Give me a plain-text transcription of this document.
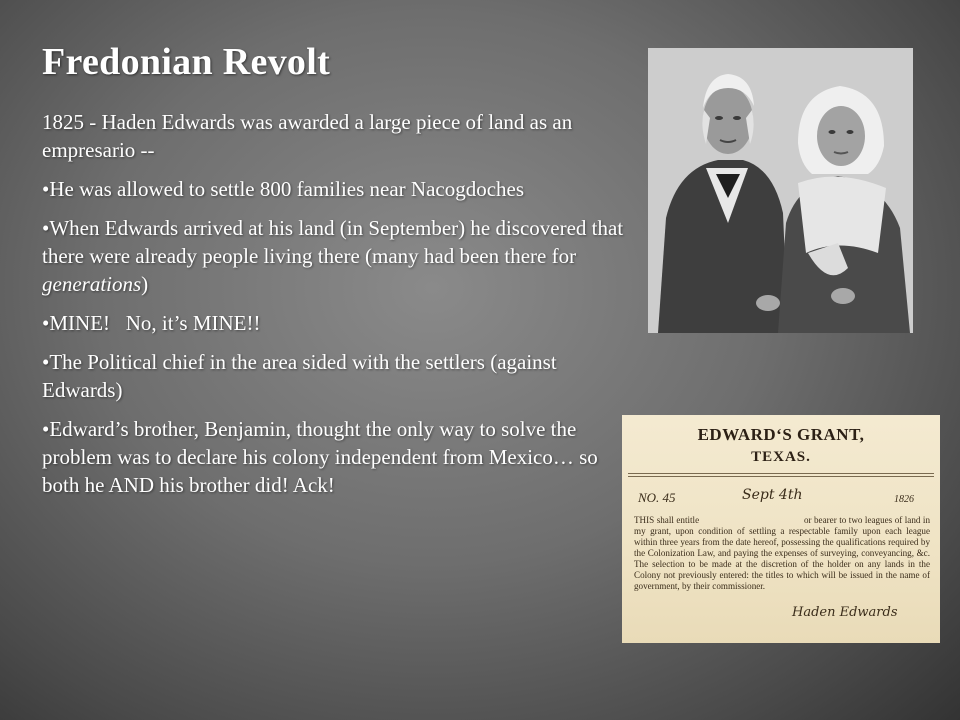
Fredonian Revolt

1825 - Haden Edwards was awarded a large piece of land as an empresario --

• He was allowed to settle 800 families near Nacogdoches

• When Edwards arrived at his land (in September) he discovered that there were already people living there (many had been there for generations)

• MINE!   No, it’s MINE!!

• The Political chief in the area sided with the settlers (against Edwards)

• Edward’s brother, Benjamin, thought the only way to solve the problem was to declare his colony independent from Mexico… so both he AND his brother did! Ack!

EDWARD‘S GRANT,
TEXAS.
NO. 45	Sept 4th	1826
THIS shall entitle                                          or bearer to two leagues of land in my grant, upon condition of settling a respectable family upon each league within three years from the date hereof, possessing the qualifications required by the Colonization Law, and paying the expenses of surveying, conveyancing, &c. The selection to be made at the discretion of the holder on any lands in the Colony not previously entered: the titles to which will be issued in the name of government, by their commissioner.
Haden Edwards
